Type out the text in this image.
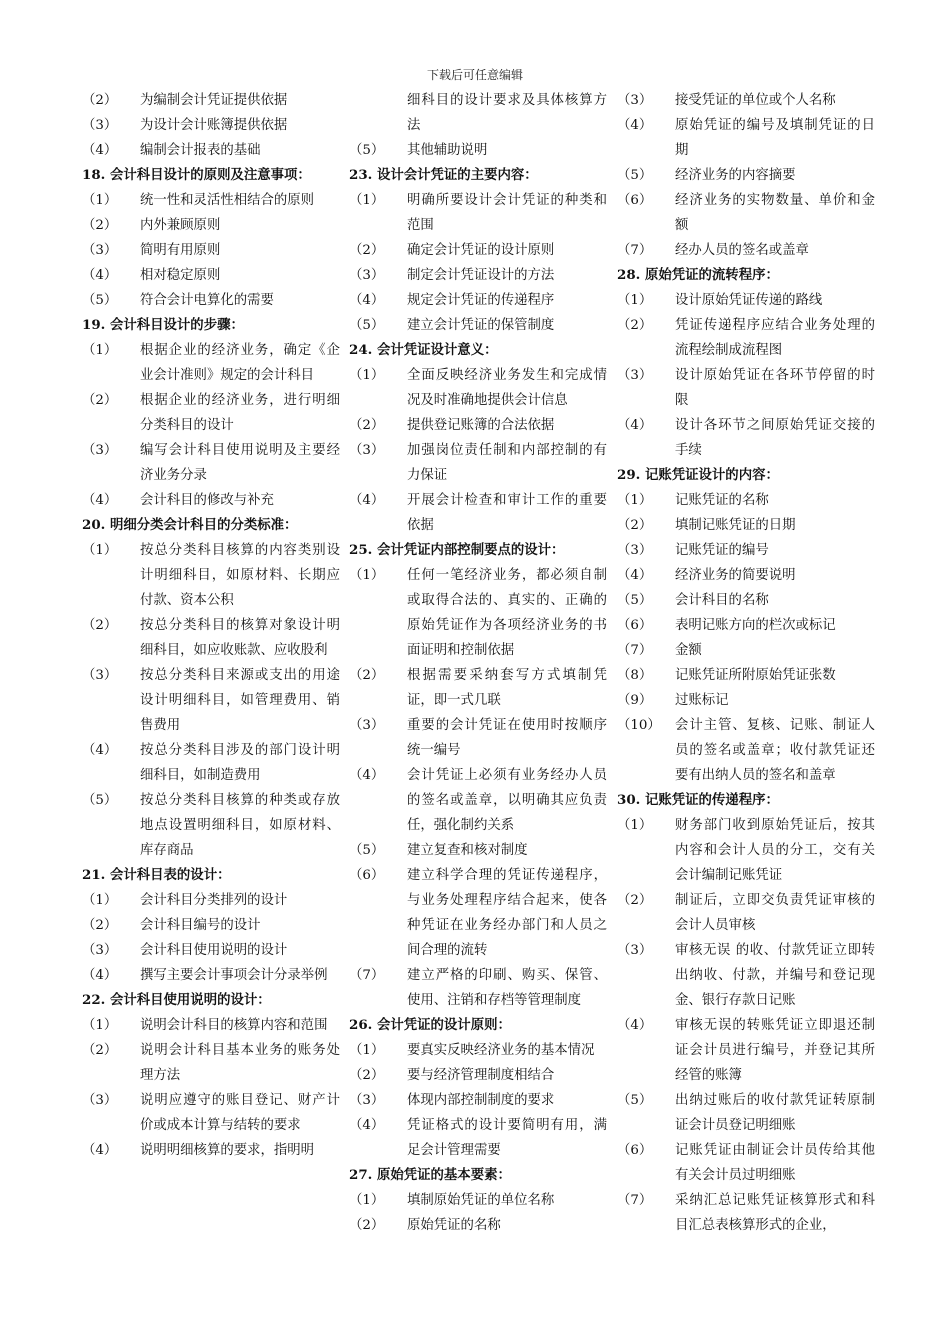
下载后可任意编辑
（2）	为编制会计凭证提供依据
（3）	为设计会计账簿提供依据
（4）	编制会计报表的基础
18. 会计科目设计的原则及注意事项：
（1）	统一性和灵活性相结合的原则
（2）	内外兼顾原则
（3）	简明有用原则
（4）	相对稳定原则
（5）	符合会计电算化的需要
19. 会计科目设计的步骤：
（1）	根据企业的经济业务，确定《企业会计准则》规定的会计科目
（2）	根据企业的经济业务，进行明细分类科目的设计
（3）	编写会计科目使用说明及主要经济业务分录
（4）	会计科目的修改与补充
20. 明细分类会计科目的分类标准：
（1）	按总分类科目核算的内容类别设计明细科目，如原材料、长期应付款、资本公积
（2）	按总分类科目的核算对象设计明细科目，如应收账款、应收股利
（3）	按总分类科目来源或支出的用途设计明细科目，如管理费用、销售费用
（4）	按总分类科目涉及的部门设计明细科目，如制造费用
（5）	按总分类科目核算的种类或存放地点设置明细科目，如原材料、库存商品
21. 会计科目表的设计：
（1）	会计科目分类排列的设计
（2）	会计科目编号的设计
（3）	会计科目使用说明的设计
（4）	撰写主要会计事项会计分录举例
22. 会计科目使用说明的设计：
（1）	说明会计科目的核算内容和范围
（2）	说明会计科目基本业务的账务处理方法
（3）	说明应遵守的账目登记、财产计价或成本计算与结转的要求
（4）	说明明细核算的要求，指明明
细科目的设计要求及具体核算方法
（5）	其他辅助说明
23. 设计会计凭证的主要内容：
（1）	明确所要设计会计凭证的种类和范围
（2）	确定会计凭证的设计原则
（3）	制定会计凭证设计的方法
（4）	规定会计凭证的传递程序
（5）	建立会计凭证的保管制度
24. 会计凭证设计意义：
（1）	全面反映经济业务发生和完成情况及时准确地提供会计信息
（2）	提供登记账簿的合法依据
（3）	加强岗位责任制和内部控制的有力保证
（4）	开展会计检查和审计工作的重要依据
25. 会计凭证内部控制要点的设计：
（1）	任何一笔经济业务，都必须自制或取得合法的、真实的、正确的原始凭证作为各项经济业务的书面证明和控制依据
（2）	根据需要采纳套写方式填制凭证，即一式几联
（3）	重要的会计凭证在使用时按顺序统一编号
（4）	会计凭证上必须有业务经办人员的签名或盖章，以明确其应负责任，强化制约关系
（5）	建立复查和核对制度
（6）	建立科学合理的凭证传递程序，与业务处理程序结合起来，使各种凭证在业务经办部门和人员之间合理的流转
（7）	建立严格的印刷、购买、保管、使用、注销和存档等管理制度
26. 会计凭证的设计原则：
（1）	要真实反映经济业务的基本情况
（2）	要与经济管理制度相结合
（3）	体现内部控制制度的要求
（4）	凭证格式的设计要简明有用，满足会计管理需要
27. 原始凭证的基本要素：
（1）	填制原始凭证的单位名称
（2）	原始凭证的名称
（3）	接受凭证的单位或个人名称
（4）	原始凭证的编号及填制凭证的日期
（5）	经济业务的内容摘要
（6）	经济业务的实物数量、单价和金额
（7）	经办人员的签名或盖章
28. 原始凭证的流转程序：
（1）	设计原始凭证传递的路线
（2）	凭证传递程序应结合业务处理的流程绘制成流程图
（3）	设计原始凭证在各环节停留的时限
（4）	设计各环节之间原始凭证交接的手续
29. 记账凭证设计的内容：
（1）	记账凭证的名称
（2）	填制记账凭证的日期
（3）	记账凭证的编号
（4）	经济业务的简要说明
（5）	会计科目的名称
（6）	表明记账方向的栏次或标记
（7）	金额
（8）	记账凭证所附原始凭证张数
（9）	过账标记
（10）	会计主管、复核、记账、制证人员的签名或盖章；收付款凭证还要有出纳人员的签名和盖章
30. 记账凭证的传递程序：
（1）	财务部门收到原始凭证后，按其内容和会计人员的分工，交有关会计编制记账凭证
（2）	制证后，立即交负责凭证审核的会计人员审核
（3）	审核无误 的收、付款凭证立即转出纳收、付款，并编号和登记现金、银行存款日记账
（4）	审核无误的转账凭证立即退还制证会计员进行编号，并登记其所经管的账簿
（5）	出纳过账后的收付款凭证转原制证会计员登记明细账
（6）	记账凭证由制证会计员传给其他有关会计员过明细账
（7）	采纳汇总记账凭证核算形式和科目汇总表核算形式的企业，
